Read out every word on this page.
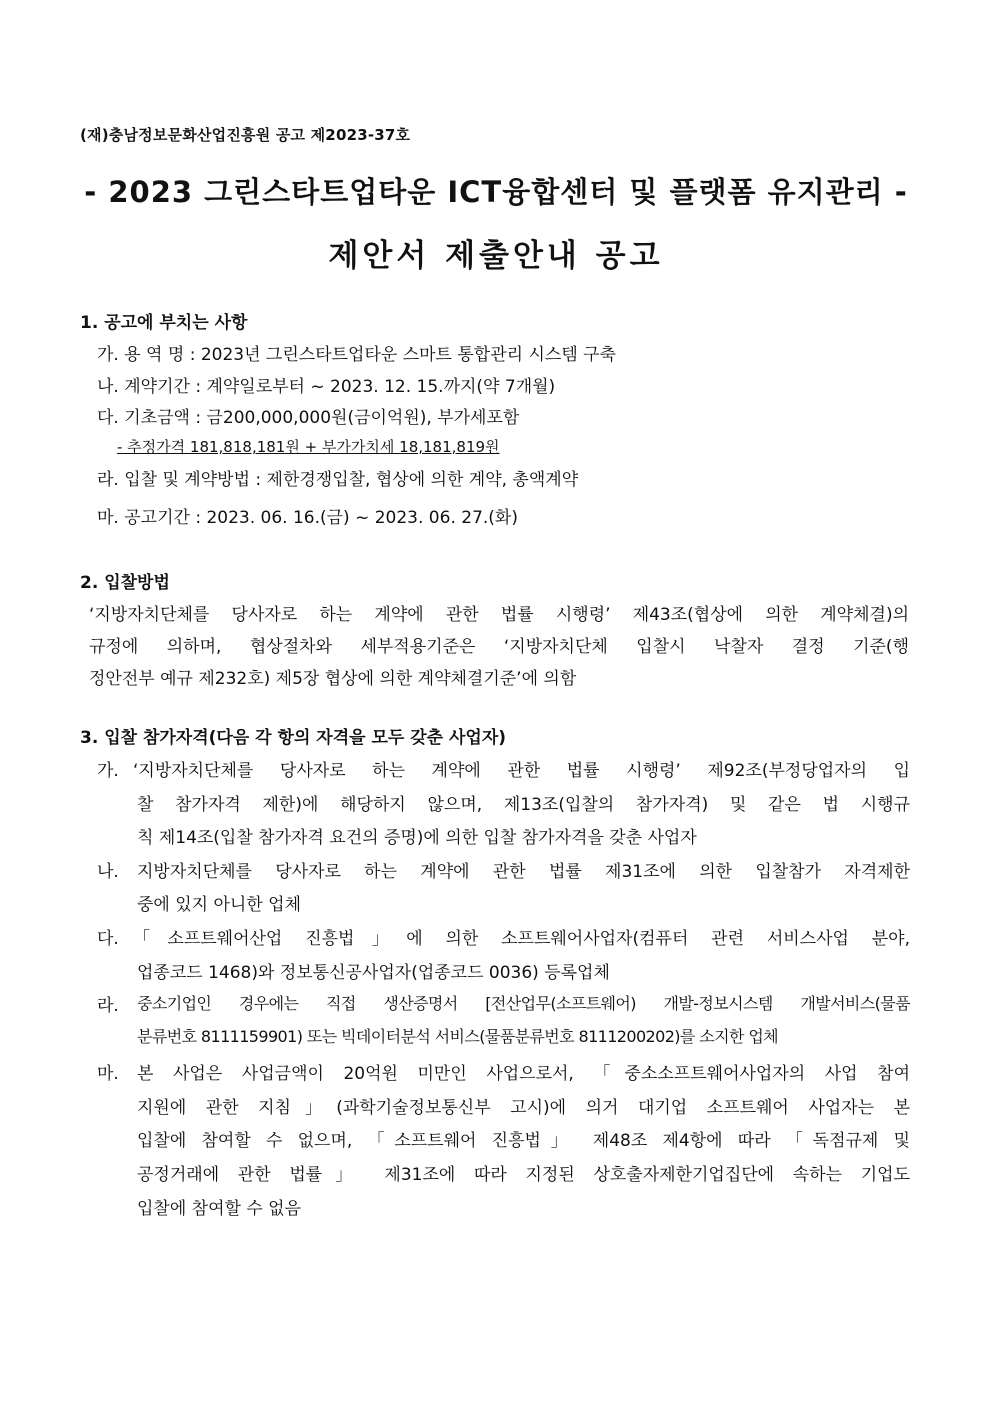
(재)충남정보문화산업진흥원 공고 제2023-37호
- 2023 그린스타트업타운 ICT융합센터 및 플랫폼 유지관리 -
제안서 제출안내 공고
1. 공고에 부치는 사항
가. 용 역 명 : 2023년 그린스타트업타운 스마트 통합관리 시스템 구축
나. 계약기간 : 계약일로부터 ~ 2023. 12. 15.까지(약 7개월)
다. 기초금액 : 금200,000,000원(금이억원), 부가세포함
- 추정가격 181,818,181원 + 부가가치세 18,181,819원
라. 입찰 및 계약방법 : 제한경쟁입찰, 협상에 의한 계약, 총액계약
마. 공고기간 : 2023. 06. 16.(금) ~ 2023. 06. 27.(화)
2. 입찰방법
‘지방자치단체를 당사자로 하는 계약에 관한 법률 시행령’ 제43조(협상에 의한 계약체결)의
규정에 의하며, 협상절차와 세부적용기준은 ‘지방자치단체 입찰시 낙찰자 결정 기준(행
정안전부 예규 제232호) 제5장 협상에 의한 계약체결기준’에 의함
3. 입찰 참가자격(다음 각 항의 자격을 모두 갖춘 사업자)
가. ‘지방자치단체를 당사자로 하는 계약에 관한 법률 시행령’ 제92조(부정당업자의 입
찰 참가자격 제한)에 해당하지 않으며, 제13조(입찰의 참가자격) 및 같은 법 시행규
칙 제14조(입찰 참가자격 요건의 증명)에 의한 입찰 참가자격을 갖춘 사업자
나. 지방자치단체를 당사자로 하는 계약에 관한 법률 제31조에 의한 입찰참가 자격제한
중에 있지 아니한 업체
다. 「소프트웨어산업 진흥법」에 의한 소프트웨어사업자(컴퓨터 관련 서비스사업 분야,
업종코드 1468)와 정보통신공사업자(업종코드 0036) 등록업체
라. 중소기업인 경우에는 직접 생산증명서 [전산업무(소프트웨어) 개발-정보시스템 개발서비스(물품
분류번호 8111159901) 또는 빅데이터분석 서비스(물품분류번호 8111200202)를 소지한 업체
마. 본 사업은 사업금액이 20억원 미만인 사업으로서, 「중소소프트웨어사업자의 사업 참여
지원에 관한 지침」(과학기술정보통신부 고시)에 의거 대기업 소프트웨어 사업자는 본
입찰에 참여할 수 없으며, 「소프트웨어 진흥법」 제48조 제4항에 따라 「독점규제 및
공정거래에 관한 법률」 제31조에 따라 지정된 상호출자제한기업집단에 속하는 기업도
입찰에 참여할 수 없음
